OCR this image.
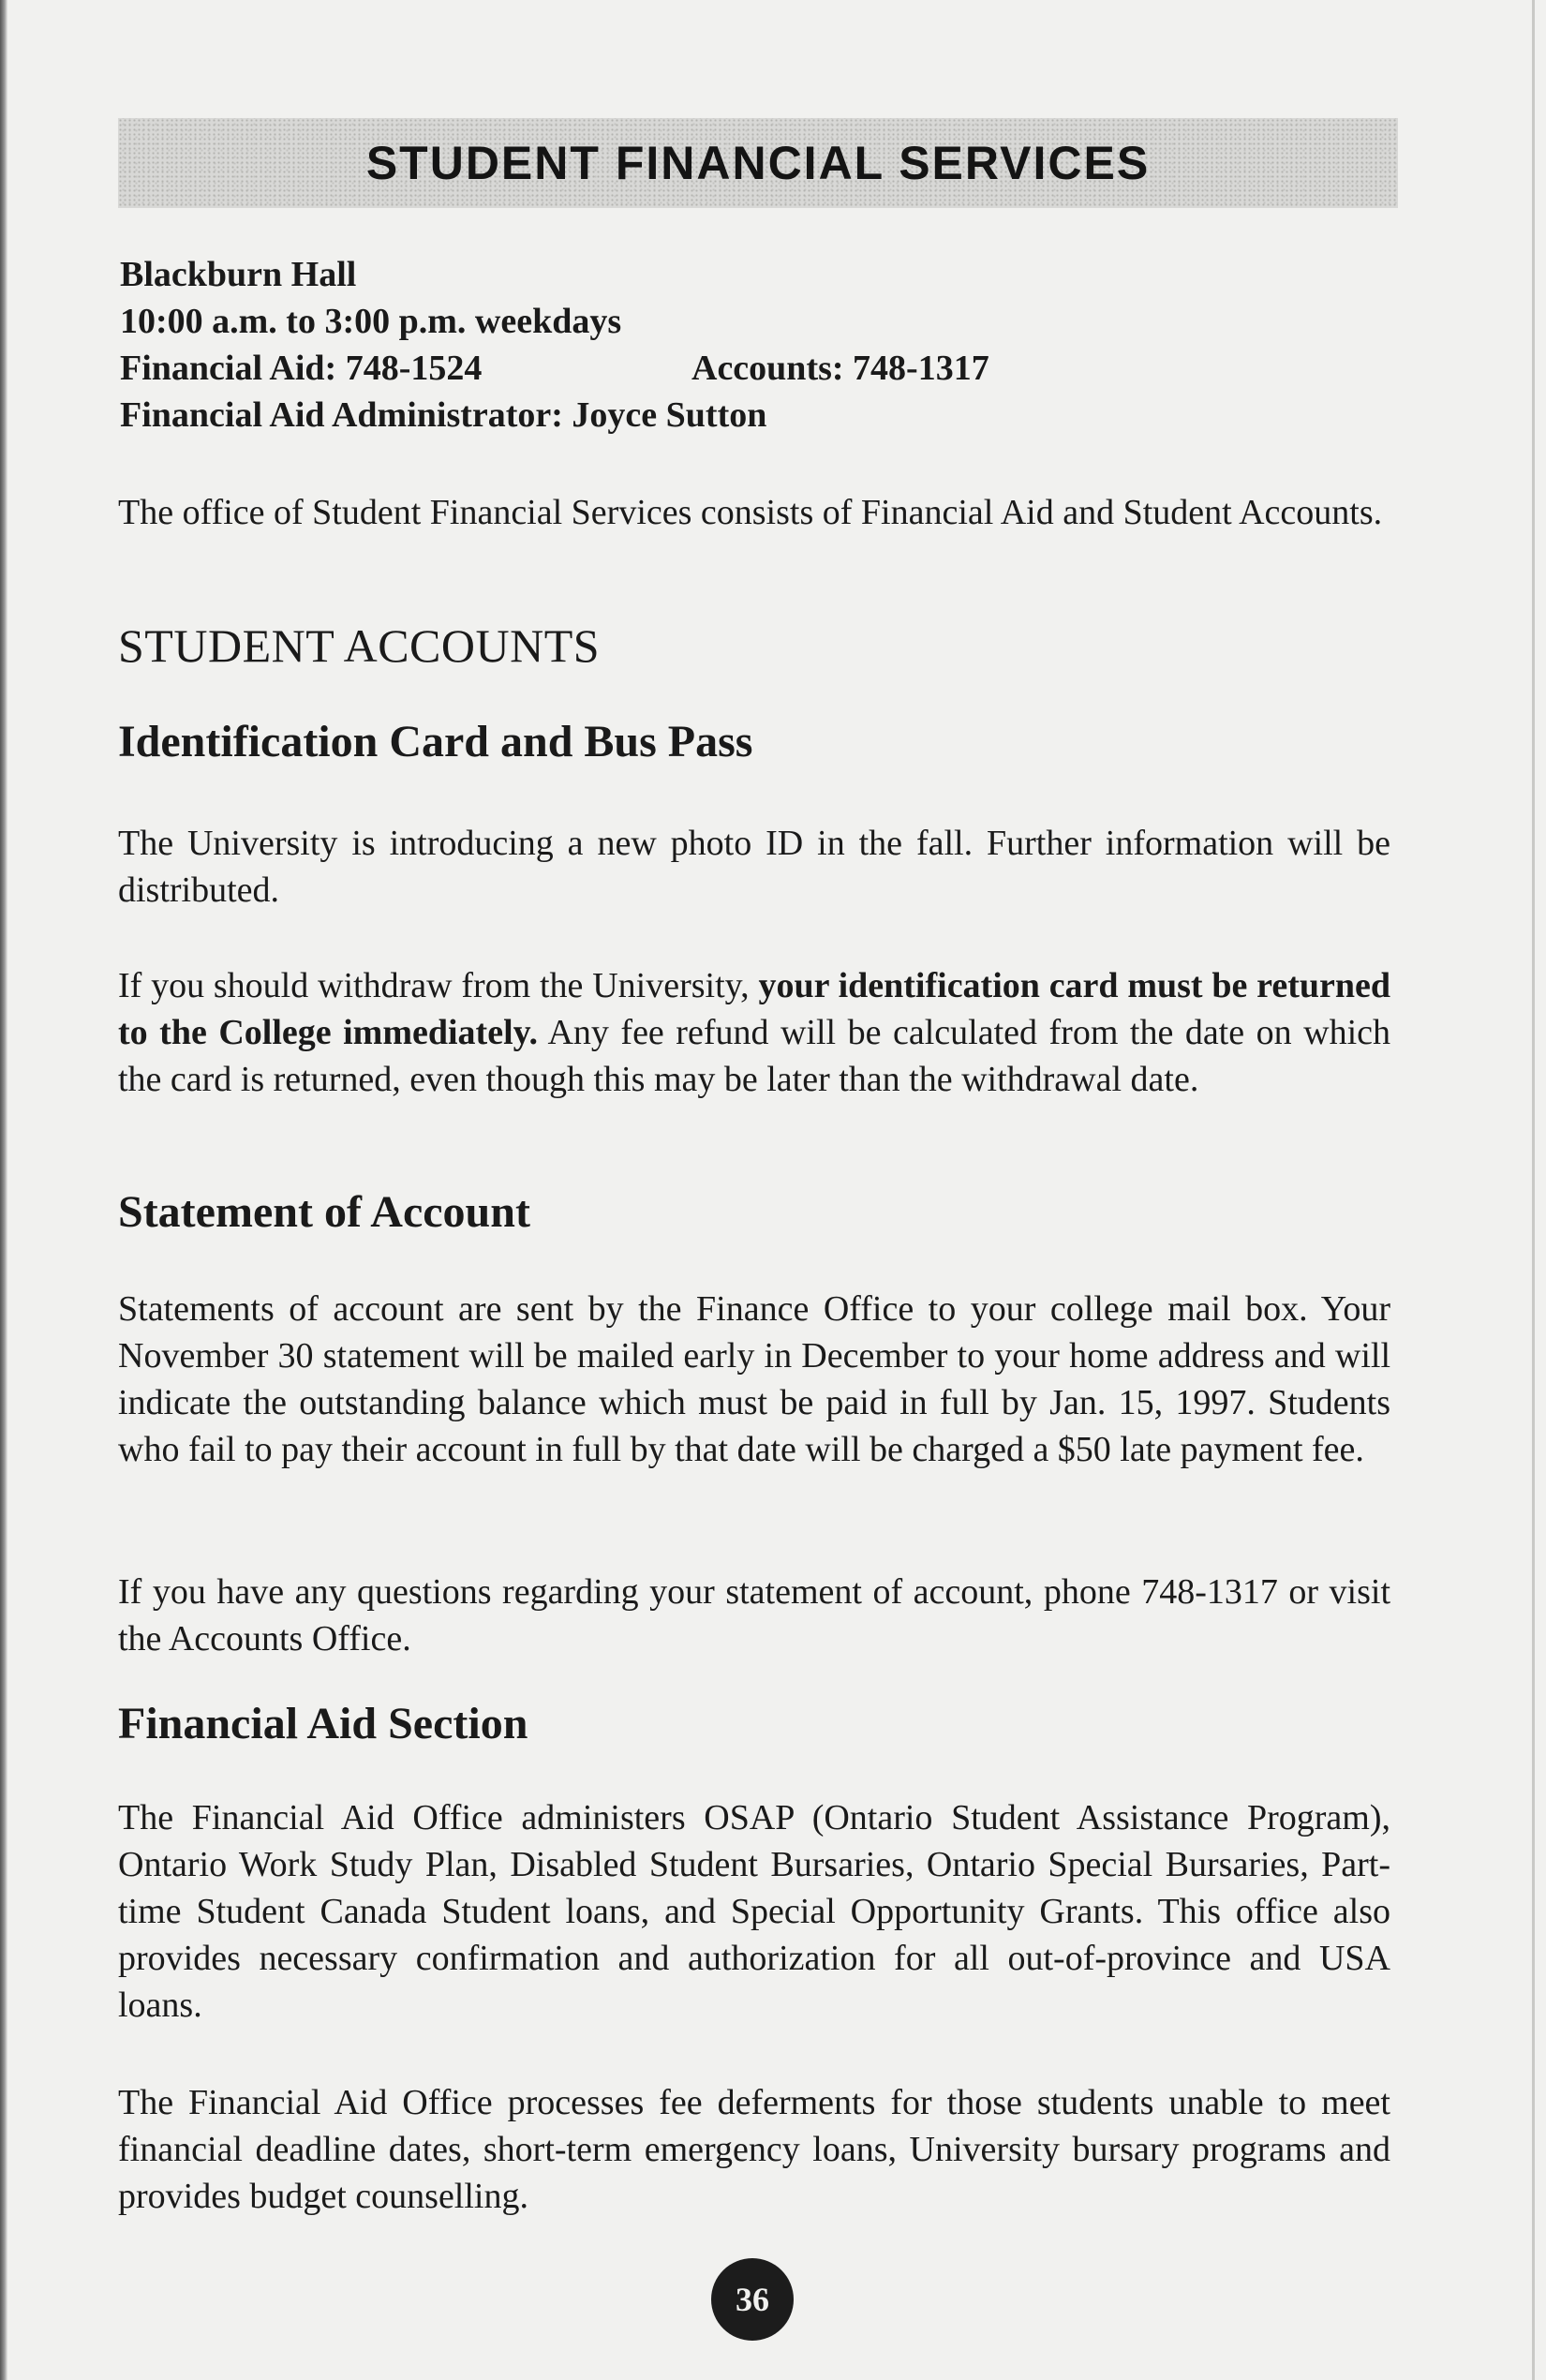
STUDENT FINANCIAL SERVICES
Blackburn Hall
10:00 a.m. to 3:00 p.m. weekdays
Financial Aid: 748-1524	Accounts: 748-1317
Financial Aid Administrator: Joyce Sutton
The office of Student Financial Services consists of Financial Aid and Student Accounts.
STUDENT ACCOUNTS
Identification Card and Bus Pass
The University is introducing a new photo ID in the fall. Further information will be distributed.
If you should withdraw from the University, your identification card must be returned to the College immediately. Any fee refund will be calculated from the date on which the card is returned, even though this may be later than the withdrawal date.
Statement of Account
Statements of account are sent by the Finance Office to your college mail box. Your November 30 statement will be mailed early in December to your home address and will indicate the outstanding balance which must be paid in full by Jan. 15, 1997. Students who fail to pay their account in full by that date will be charged a $50 late payment fee.
If you have any questions regarding your statement of account, phone 748-1317 or visit the Accounts Office.
Financial Aid Section
The Financial Aid Office administers OSAP (Ontario Student Assistance Program), Ontario Work Study Plan, Disabled Student Bursaries, Ontario Special Bursaries, Part-time Student Canada Student loans, and Special Opportunity Grants. This office also provides necessary confirmation and authorization for all out-of-province and USA loans.
The Financial Aid Office processes fee deferments for those students unable to meet financial deadline dates, short-term emergency loans, University bursary programs and provides budget counselling.
36
